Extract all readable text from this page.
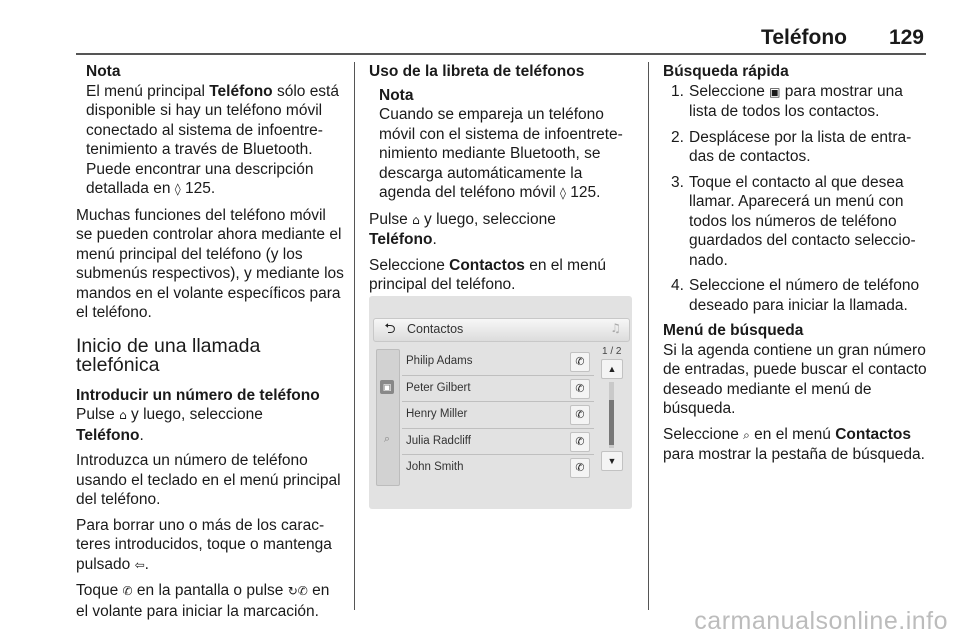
Teléfono 129
Nota

El menú principal Teléfono sólo está disponible si hay un teléfono móvil conectado al sistema de infoentretenimiento a través de Bluetooth. Puede encontrar una descripción detallada en ◊ 125.

Muchas funciones del teléfono móvil se pueden controlar ahora mediante el menú principal del teléfono (y los submenús respectivos), y mediante los mandos en el volante específicos para el teléfono.

Inicio de una llamada telefónica
Introducir un número de teléfono

Pulse ⌂ y luego, seleccione
Teléfono.

Introduzca un número de teléfono usando el teclado en el menú principal del teléfono.

Para borrar uno o más de los caracteres introducidos, toque o mantenga pulsado ⇦.

Toque ✆ en la pantalla o pulse ↻✆ en el volante para iniciar la marcación.

Uso de la libreta de teléfonos
Nota

Cuando se empareja un teléfono móvil con el sistema de infoentretenimiento mediante Bluetooth, se descarga automáticamente la agenda del teléfono móvil ◊ 125.

Pulse ⌂ y luego, seleccione
Teléfono.

Seleccione Contactos en el menú principal del teléfono.

⮌ Contactos	♫
▣
⌕
Philip Adams	✆
Peter Gilbert	✆
Henry Miller	✆
Julia Radcliff	✆
John Smith	✆
1 / 2
▲
▼
Búsqueda rápida
1. Seleccione ▣ para mostrar una lista de todos los contactos.
2. Desplácese por la lista de entradas de contactos.
3. Toque el contacto al que desea llamar. Aparecerá un menú con todos los números de teléfono guardados del contacto seleccionado.
4. Seleccione el número de teléfono deseado para iniciar la llamada.
Menú de búsqueda

Si la agenda contiene un gran número de entradas, puede buscar el contacto deseado mediante el menú de búsqueda.

Seleccione ⌕ en el menú Contactos
para mostrar la pestaña de búsqueda.

carmanualsonline.info
